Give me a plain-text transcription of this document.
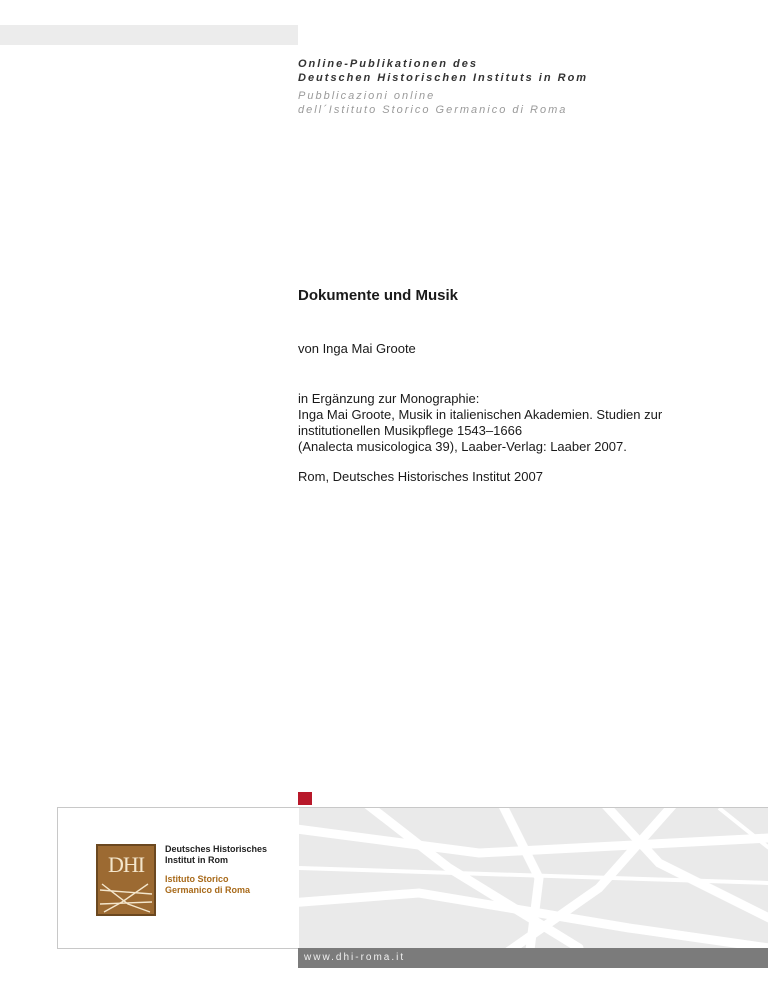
Online-Publikationen des
Deutschen Historischen Instituts in Rom
Pubblicazioni online
dell´Istituto Storico Germanico di Roma
Dokumente und Musik
von Inga Mai Groote
in Ergänzung zur Monographie:
Inga Mai Groote, Musik in italienischen Akademien. Studien zur
institutionellen Musikpflege 1543–1666
(Analecta musicologica 39), Laaber-Verlag: Laaber 2007.
Rom, Deutsches Historisches Institut 2007
DHI
Deutsches Historisches
Institut in Rom
Istituto Storico
Germanico di Roma
www.dhi-roma.it
